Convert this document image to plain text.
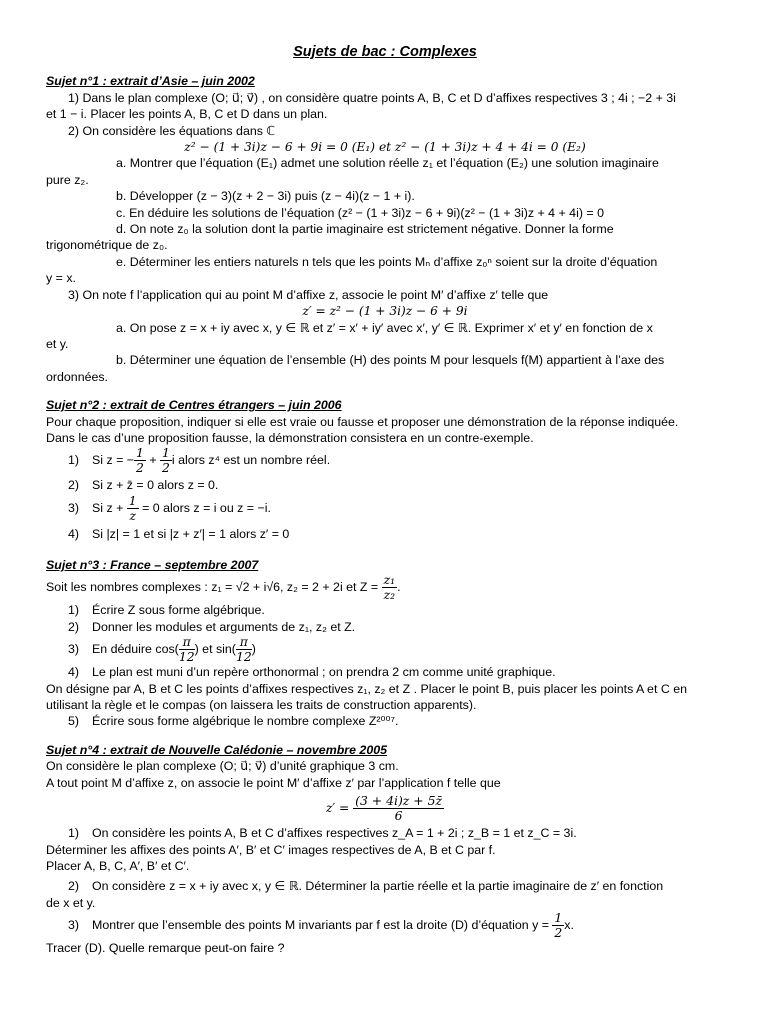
Sujets de bac : Complexes

Sujet n°1 : extrait d’Asie – juin 2002

1) Dans le plan complexe (O; u⃗; v⃗) , on considère quatre points A, B, C et D d’affixes respectives 3 ; 4i ; −2 + 3i

et 1 − i. Placer les points A, B, C et D dans un plan.

2) On considère les équations dans ℂ

z² − (1 + 3i)z − 6 + 9i = 0 (E₁) et z² − (1 + 3i)z + 4 + 4i = 0 (E₂)

a. Montrer que l’équation (E₁) admet une solution réelle z₁ et l’équation (E₂) une solution imaginaire

pure z₂.

b. Développer (z − 3)(z + 2 − 3i) puis (z − 4i)(z − 1 + i).

c. En déduire les solutions de l’équation (z² − (1 + 3i)z − 6 + 9i)(z² − (1 + 3i)z + 4 + 4i) = 0

d. On note z₀ la solution dont la partie imaginaire est strictement négative. Donner la forme

trigonométrique de z₀.

e. Déterminer les entiers naturels n tels que les points Mₙ d’affixe z₀ⁿ soient sur la droite d’équation

y = x.

3) On note f l’application qui au point M d’affixe z, associe le point M′ d’affixe z′ telle que

z′ = z² − (1 + 3i)z − 6 + 9i

a. On pose z = x + iy avec x, y ∈ ℝ et z′ = x′ + iy′ avec x′, y′ ∈ ℝ. Exprimer x′ et y′ en fonction de x

et y.

b. Déterminer une équation de l’ensemble (H) des points M pour lesquels f(M) appartient à l’axe des

ordonnées.

Sujet n°2 : extrait de Centres étrangers – juin 2006

Pour chaque proposition, indiquer si elle est vraie ou fausse et proposer une démonstration de la réponse indiquée.

Dans le cas d’une proposition fausse, la démonstration consistera en un contre-exemple.

1) Si z = − $\frac{1}{2} + \frac{1}{2}$ i alors z⁴ est un nombre réel.

2) Si z + z̄ = 0 alors z = 0.

3) Si $z + \frac{1}{z} = 0$ alors z = i ou z = −i.

4) Si |z| = 1 et si |z + z′| = 1 alors z′ = 0

Sujet n°3 : France – septembre 2007

Soit les nombres complexes : z₁ = √2 + i√6, z₂ = 2 + 2i et $Z = \frac{\text{z₁}}{\text{z₂}}$ .

1) Écrire Z sous forme algébrique.

2) Donner les modules et arguments de z₁, z₂ et Z.

3) En déduire $\cos( \frac{\pi}{12}$ ) et $\sin( \frac{\pi}{12}$ )

4) Le plan est muni d’un repère orthonormal ; on prendra 2 cm comme unité graphique.

On désigne par A, B et C les points d’affixes respectives z₁, z₂ et Z . Placer le point B, puis placer les points A et C en

utilisant la règle et le compas (on laissera les traits de construction apparents).

5) Écrire sous forme algébrique le nombre complexe Z²⁰⁰⁷.

Sujet n°4 : extrait de Nouvelle Calédonie – novembre 2005

On considère le plan complexe (O; u⃗; v⃗) d’unité graphique 3 cm.

A tout point M d’affixe z, on associe le point M′ d’affixe z′ par l’application f telle que

$z' = \frac{(3 + 4i)z + 5z̄}{6}$

1) On considère les points A, B et C d’affixes respectives z_A = 1 + 2i ; z_B = 1 et z_C = 3i.

Déterminer les affixes des points A′, B′ et C′ images respectives de A, B et C par f.

Placer A, B, C, A′, B′ et C′.

2) On considère z = x + iy avec x, y ∈ ℝ. Déterminer la partie réelle et la partie imaginaire de z′ en fonction

de x et y.

3) Montrer que l’ensemble des points M invariants par f est la droite (D) d’équation $y = \frac{1}{2} x$.

Tracer (D). Quelle remarque peut-on faire ?
